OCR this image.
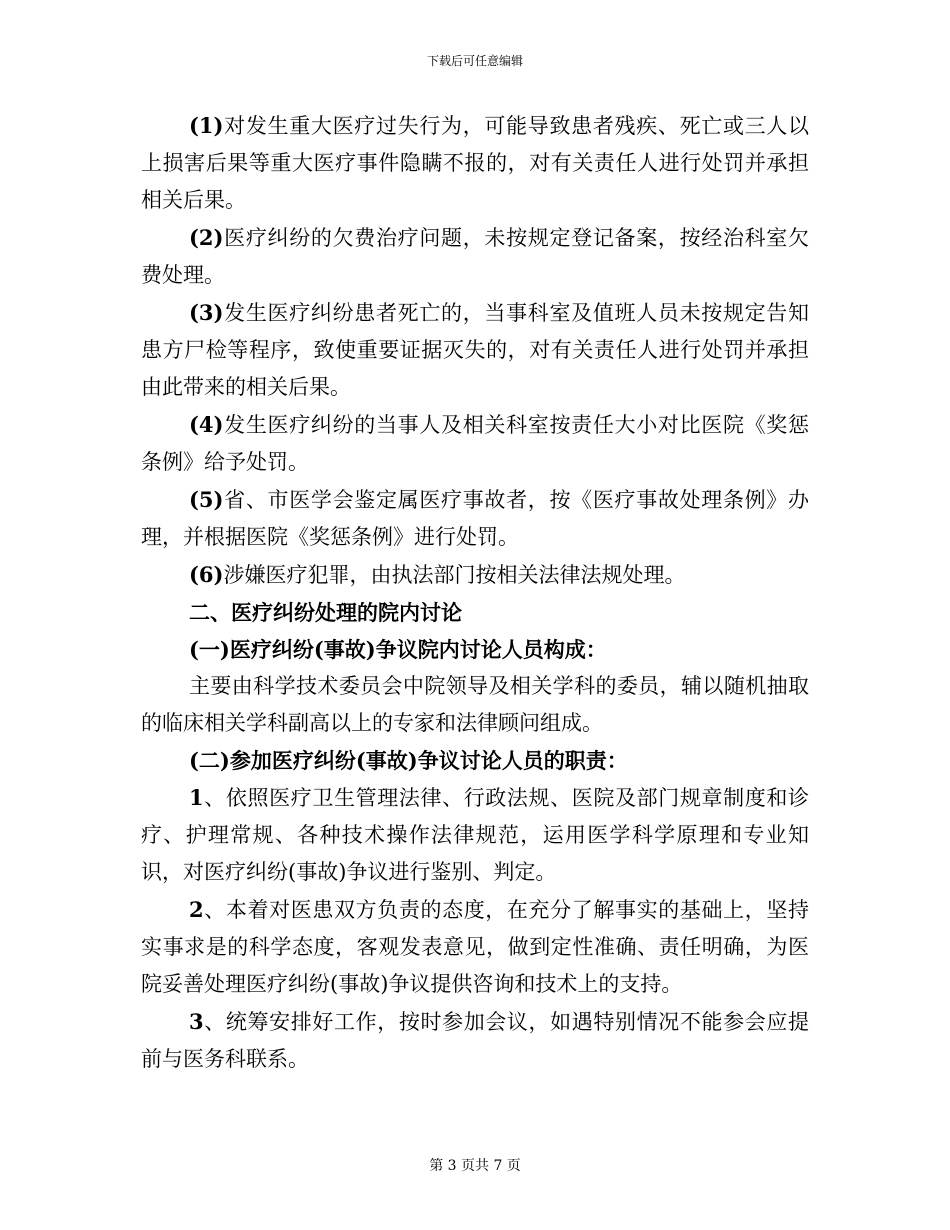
下载后可任意编辑

(1)对发生重大医疗过失行为，可能导致患者残疾、死亡或三人以上损害后果等重大医疗事件隐瞒不报的，对有关责任人进行处罚并承担相关后果。

(2)医疗纠纷的欠费治疗问题，未按规定登记备案，按经治科室欠费处理。

(3)发生医疗纠纷患者死亡的，当事科室及值班人员未按规定告知患方尸检等程序，致使重要证据灭失的，对有关责任人进行处罚并承担由此带来的相关后果。

(4)发生医疗纠纷的当事人及相关科室按责任大小对比医院《奖惩条例》给予处罚。

(5)省、市医学会鉴定属医疗事故者，按《医疗事故处理条例》办理，并根据医院《奖惩条例》进行处罚。

(6)涉嫌医疗犯罪，由执法部门按相关法律法规处理。

二、医疗纠纷处理的院内讨论

(一)医疗纠纷(事故)争议院内讨论人员构成：

主要由科学技术委员会中院领导及相关学科的委员，辅以随机抽取的临床相关学科副高以上的专家和法律顾问组成。

(二)参加医疗纠纷(事故)争议讨论人员的职责：

1、依照医疗卫生管理法律、行政法规、医院及部门规章制度和诊疗、护理常规、各种技术操作法律规范，运用医学科学原理和专业知识，对医疗纠纷(事故)争议进行鉴别、判定。

2、本着对医患双方负责的态度，在充分了解事实的基础上，坚持实事求是的科学态度，客观发表意见，做到定性准确、责任明确，为医院妥善处理医疗纠纷(事故)争议提供咨询和技术上的支持。

3、统筹安排好工作，按时参加会议，如遇特别情况不能参会应提前与医务科联系。

第 3 页共 7 页
